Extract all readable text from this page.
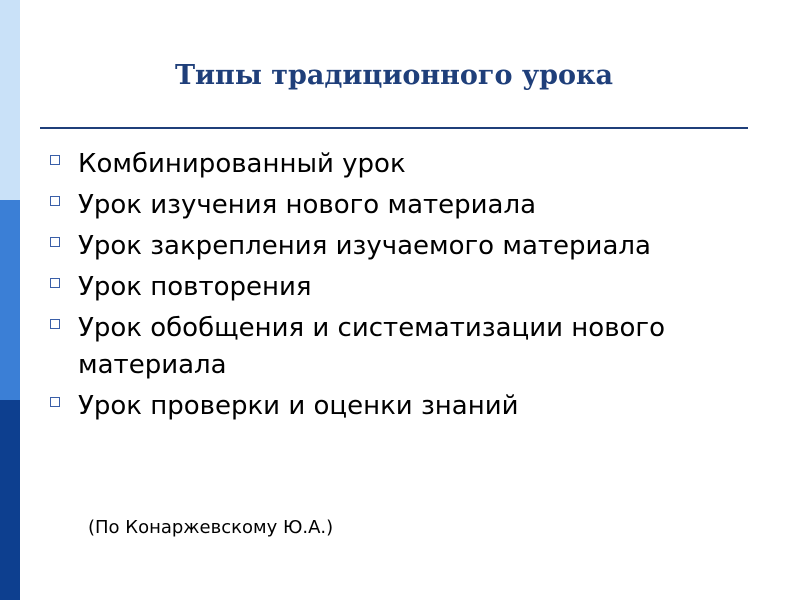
Типы традиционного урока
Комбинированный урок
Урок изучения нового материала
Урок закрепления изучаемого материала
Урок повторения
Урок обобщения и систематизации нового материала
Урок проверки и оценки знаний

(По Конаржевскому Ю.А.)
